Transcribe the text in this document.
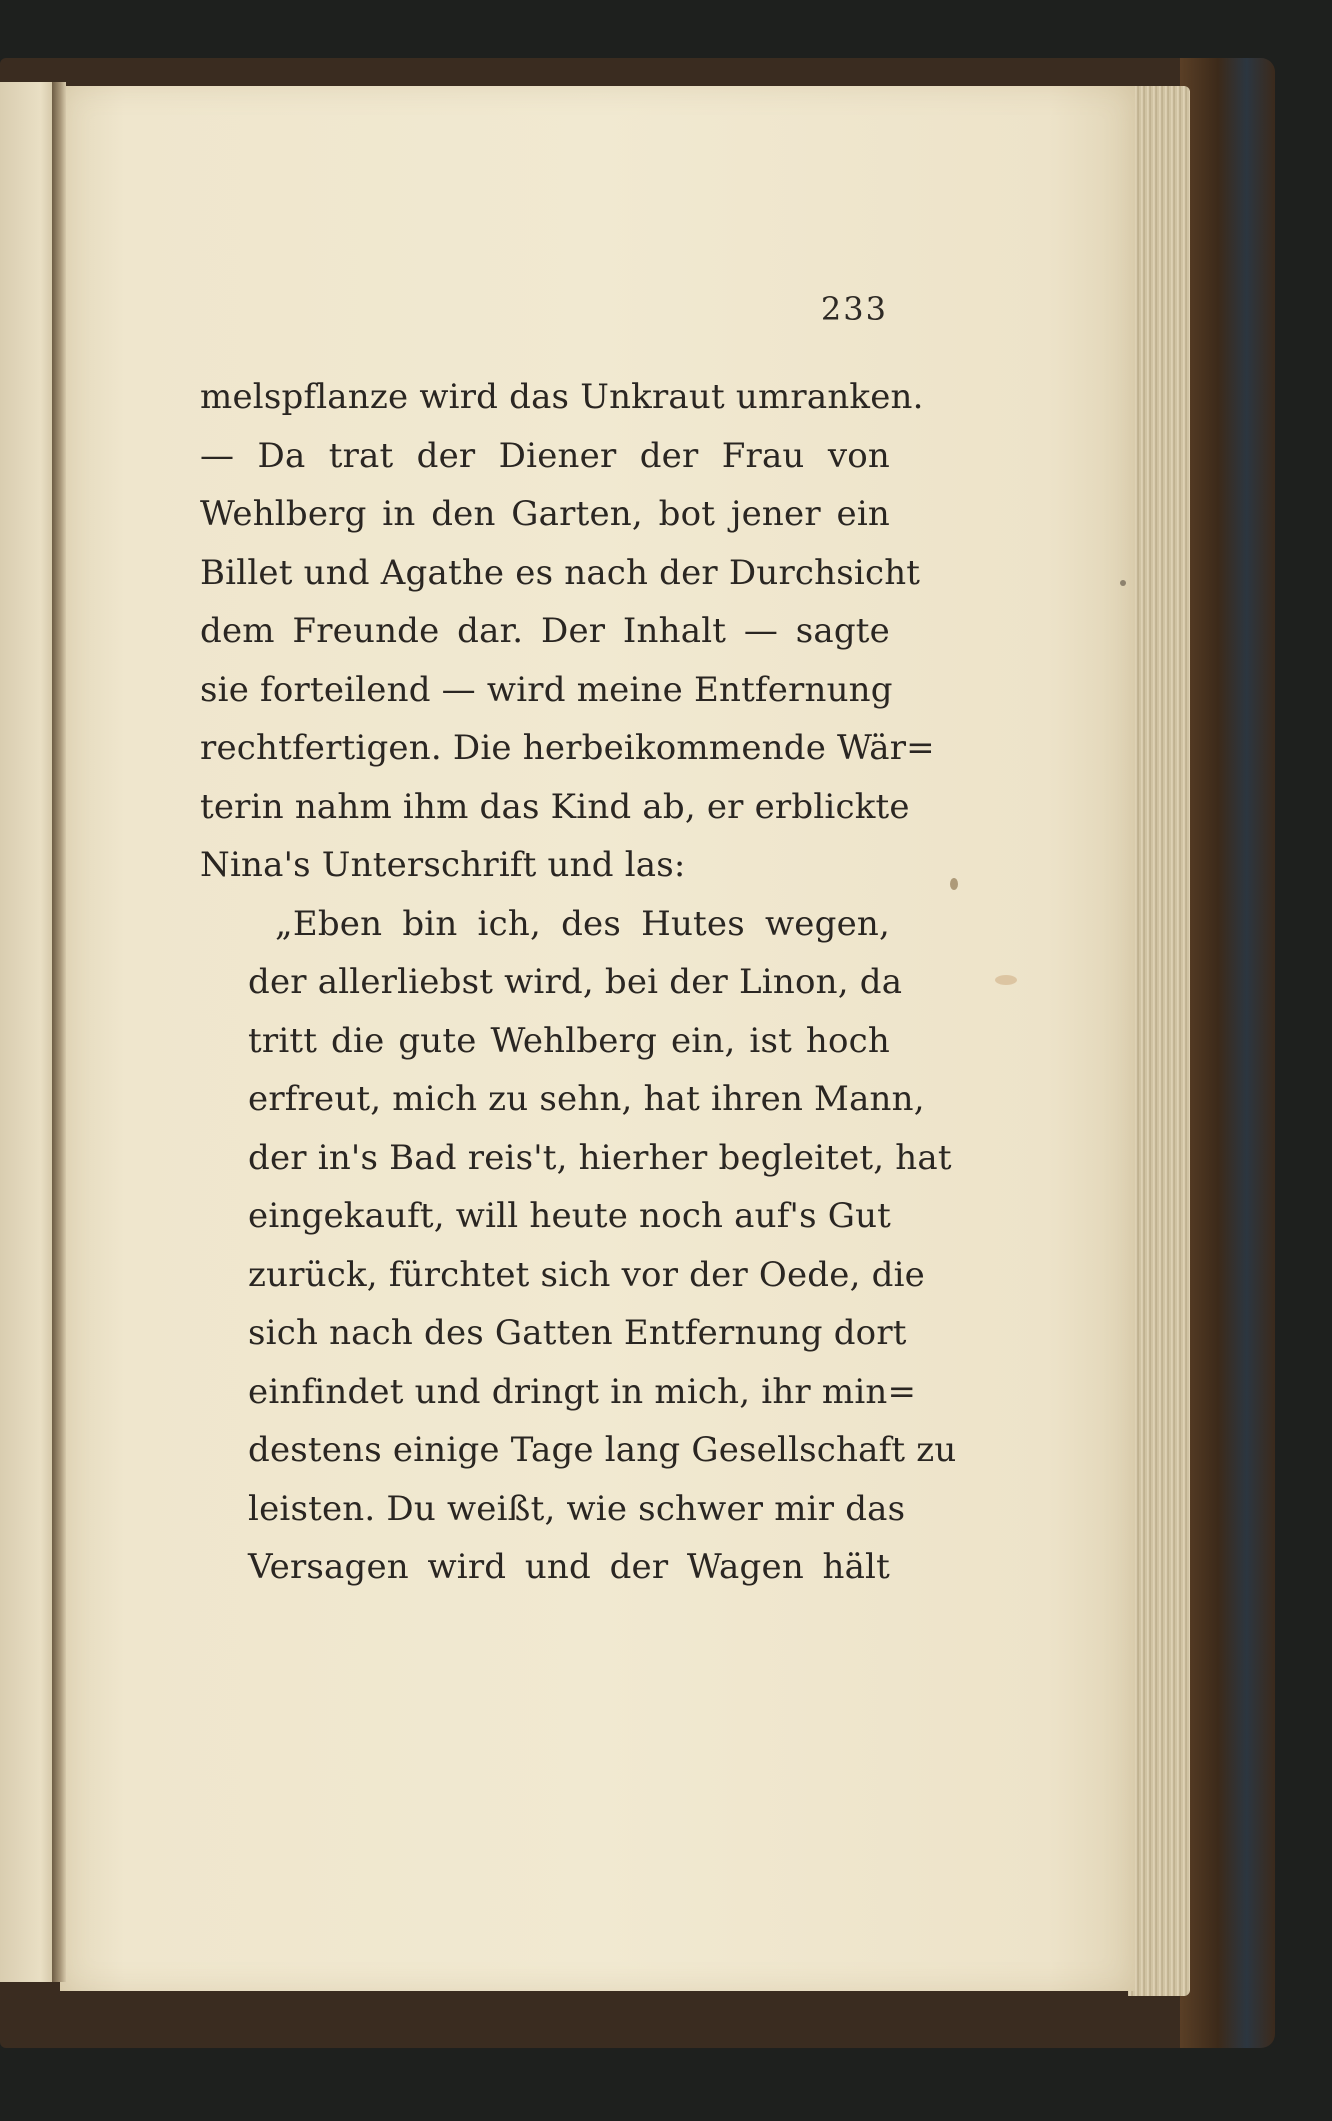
233
melspflanze wird das Unkraut umranken.
— Da trat der Diener der Frau von
Wehlberg in den Garten, bot jener ein
Billet und Agathe es nach der Durchsicht
dem Freunde dar. Der Inhalt — sagte
sie forteilend — wird meine Entfernung
rechtfertigen. Die herbeikommende Wär=
terin nahm ihm das Kind ab, er erblickte
Nina's Unterschrift und las:
„Eben bin ich, des Hutes wegen,
der allerliebst wird, bei der Linon, da
tritt die gute Wehlberg ein, ist hoch
erfreut, mich zu sehn, hat ihren Mann,
der in's Bad reis't, hierher begleitet, hat
eingekauft, will heute noch auf's Gut
zurück, fürchtet sich vor der Oede, die
sich nach des Gatten Entfernung dort
einfindet und dringt in mich, ihr min=
destens einige Tage lang Gesellschaft zu
leisten. Du weißt, wie schwer mir das
Versagen wird und der Wagen hält
